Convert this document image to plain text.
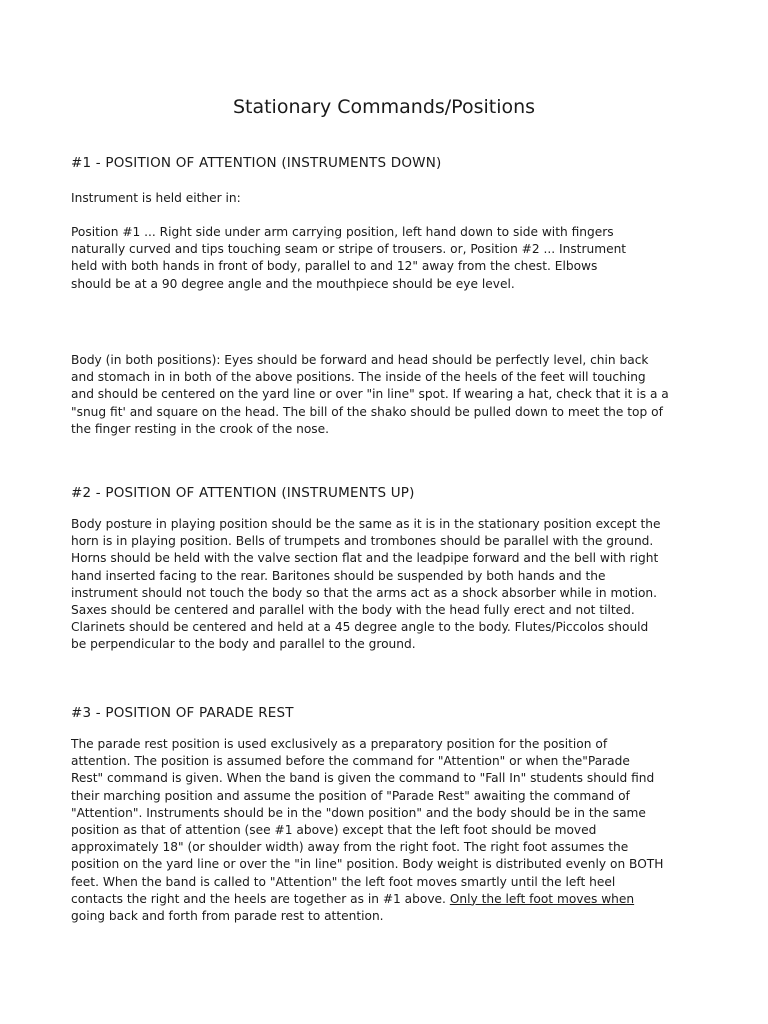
Stationary Commands/Positions
#1 - POSITION OF ATTENTION (INSTRUMENTS DOWN)

Instrument is held either in:

Position #1 ... Right side under arm carrying position, left hand down to side with fingers
naturally curved and tips touching seam or stripe of trousers. or, Position #2 ... Instrument
held with both hands in front of body, parallel to and 12" away from the chest. Elbows
should be at a 90 degree angle and the mouthpiece should be eye level.

Body (in both positions): Eyes should be forward and head should be perfectly level, chin back
and stomach in in both of the above positions. The inside of the heels of the feet will touching
and should be centered on the yard line or over "in line" spot. If wearing a hat, check that it is a a
"snug fit' and square on the head. The bill of the shako should be pulled down to meet the top of
the finger resting in the crook of the nose.

#2 - POSITION OF ATTENTION (INSTRUMENTS UP)

Body posture in playing position should be the same as it is in the stationary position except the
horn is in playing position. Bells of trumpets and trombones should be parallel with the ground.
Horns should be held with the valve section flat and the leadpipe forward and the bell with right
hand inserted facing to the rear. Baritones should be suspended by both hands and the
instrument should not touch the body so that the arms act as a shock absorber while in motion.
Saxes should be centered and parallel with the body with the head fully erect and not tilted.
Clarinets should be centered and held at a 45 degree angle to the body. Flutes/Piccolos should
be perpendicular to the body and parallel to the ground.

#3 - POSITION OF PARADE REST

The parade rest position is used exclusively as a preparatory position for the position of
attention. The position is assumed before the command for "Attention" or when the"Parade
Rest" command is given. When the band is given the command to "Fall In" students should find
their marching position and assume the position of "Parade Rest" awaiting the command of
"Attention". Instruments should be in the "down position" and the body should be in the same
position as that of attention (see #1 above) except that the left foot should be moved
approximately 18" (or shoulder width) away from the right foot. The right foot assumes the
position on the yard line or over the "in line" position. Body weight is distributed evenly on BOTH
feet. When the band is called to "Attention" the left foot moves smartly until the left heel
contacts the right and the heels are together as in #1 above. Only the left foot moves when
going back and forth from parade rest to attention.
